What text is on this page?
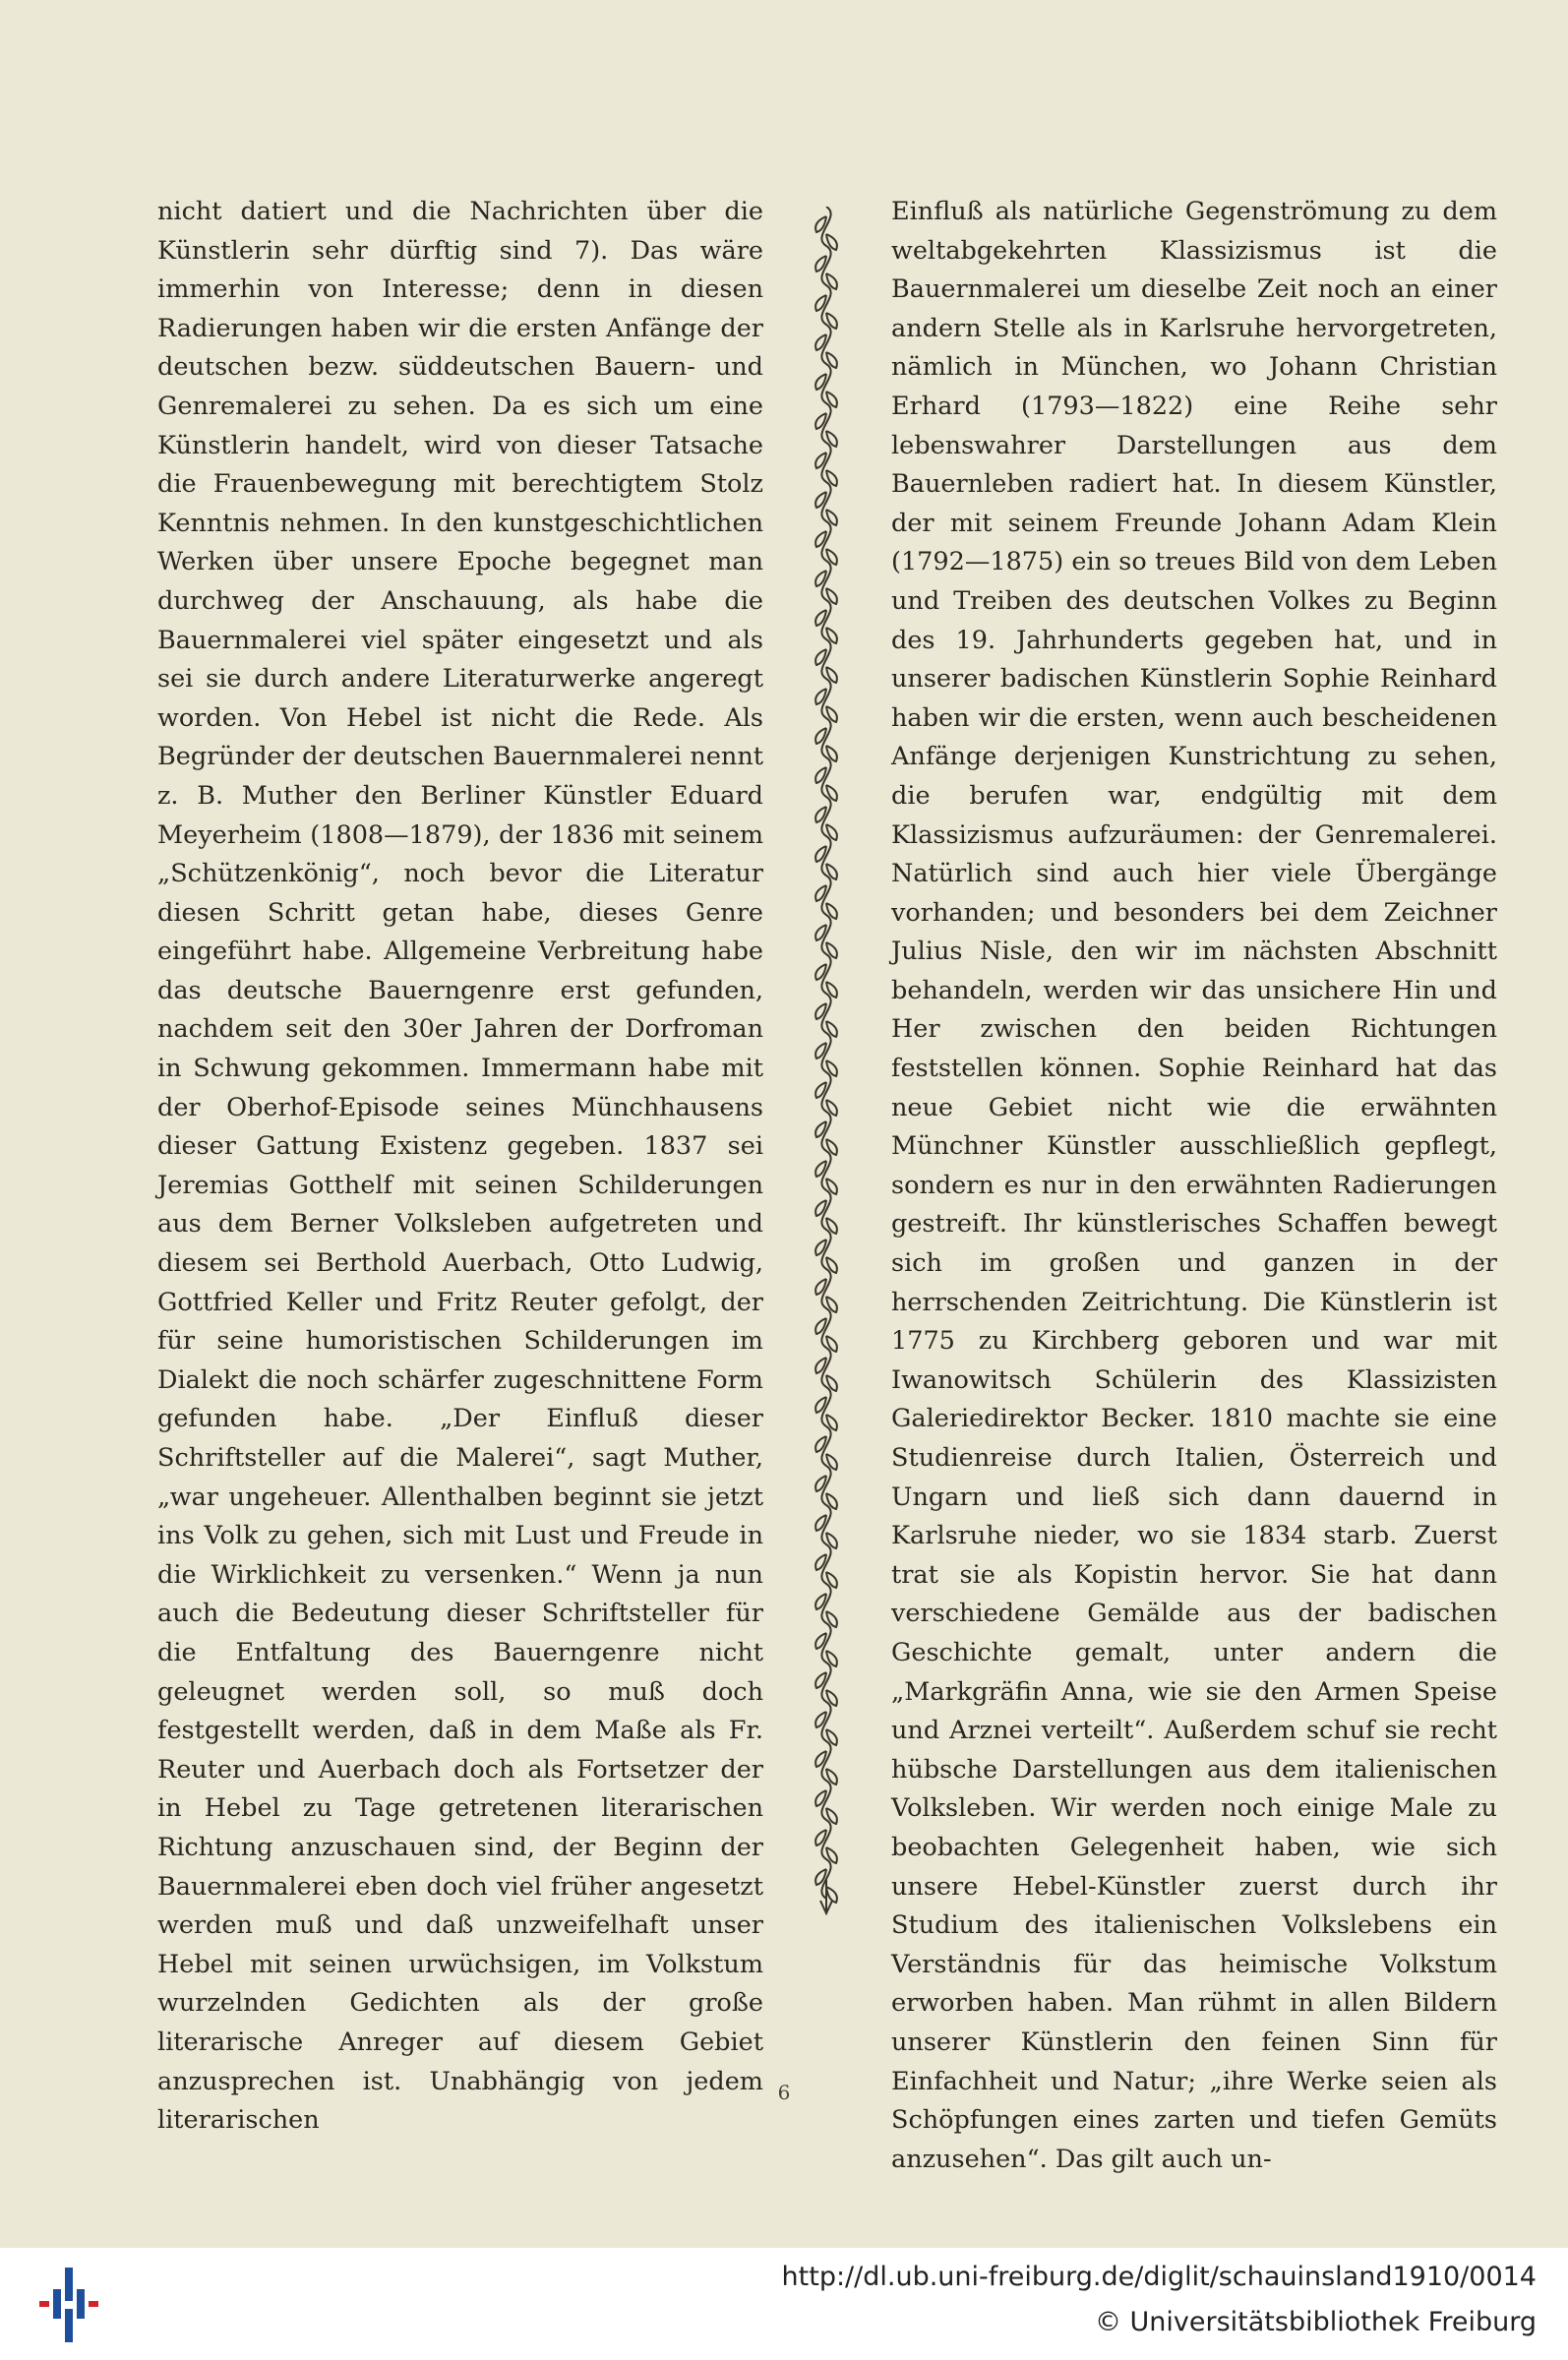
nicht datiert und die Nachrichten über die Künstlerin sehr dürftig sind 7). Das wäre immerhin von Interesse; denn in diesen Radierungen haben wir die ersten Anfänge der deutschen bezw. süddeutschen Bauern- und Genremalerei zu sehen. Da es sich um eine Künstlerin handelt, wird von dieser Tatsache die Frauenbewegung mit berechtigtem Stolz Kenntnis nehmen. In den kunstgeschichtlichen Werken über unsere Epoche begegnet man durchweg der Anschauung, als habe die Bauernmalerei viel später eingesetzt und als sei sie durch andere Literaturwerke angeregt worden. Von Hebel ist nicht die Rede. Als Begründer der deutschen Bauernmalerei nennt z. B. Muther den Berliner Künstler Eduard Meyerheim (1808—1879), der 1836 mit seinem „Schützenkönig“, noch bevor die Literatur diesen Schritt getan habe, dieses Genre eingeführt habe. Allgemeine Verbreitung habe das deutsche Bauerngenre erst gefunden, nachdem seit den 30er Jahren der Dorfroman in Schwung gekommen. Immermann habe mit der Oberhof-Episode seines Münchhausens dieser Gattung Existenz gegeben. 1837 sei Jeremias Gotthelf mit seinen Schilderungen aus dem Berner Volksleben aufgetreten und diesem sei Berthold Auerbach, Otto Ludwig, Gottfried Keller und Fritz Reuter gefolgt, der für seine humoristischen Schilderungen im Dialekt die noch schärfer zugeschnittene Form gefunden habe. „Der Einfluß dieser Schriftsteller auf die Malerei“, sagt Muther, „war ungeheuer. Allenthalben beginnt sie jetzt ins Volk zu gehen, sich mit Lust und Freude in die Wirklichkeit zu versenken.“ Wenn ja nun auch die Bedeutung dieser Schriftsteller für die Entfaltung des Bauerngenre nicht geleugnet werden soll, so muß doch festgestellt werden, daß in dem Maße als Fr. Reuter und Auerbach doch als Fortsetzer der in Hebel zu Tage getretenen literarischen Richtung anzuschauen sind, der Beginn der Bauernmalerei eben doch viel früher angesetzt werden muß und daß unzweifelhaft unser Hebel mit seinen urwüchsigen, im Volkstum wurzelnden Gedichten als der große literarische Anreger auf diesem Gebiet anzusprechen ist. Unabhängig von jedem literarischen

Einfluß als natürliche Gegenströmung zu dem weltabgekehrten Klassizismus ist die Bauernmalerei um dieselbe Zeit noch an einer andern Stelle als in Karlsruhe hervorgetreten, nämlich in München, wo Johann Christian Erhard (1793—1822) eine Reihe sehr lebenswahrer Darstellungen aus dem Bauernleben radiert hat. In diesem Künstler, der mit seinem Freunde Johann Adam Klein (1792—1875) ein so treues Bild von dem Leben und Treiben des deutschen Volkes zu Beginn des 19. Jahrhunderts gegeben hat, und in unserer badischen Künstlerin Sophie Reinhard haben wir die ersten, wenn auch bescheidenen Anfänge derjenigen Kunstrichtung zu sehen, die berufen war, endgültig mit dem Klassizismus aufzuräumen: der Genremalerei. Natürlich sind auch hier viele Übergänge vorhanden; und besonders bei dem Zeichner Julius Nisle, den wir im nächsten Abschnitt behandeln, werden wir das unsichere Hin und Her zwischen den beiden Richtungen feststellen können. Sophie Reinhard hat das neue Gebiet nicht wie die erwähnten Münchner Künstler ausschließlich gepflegt, sondern es nur in den erwähnten Radierungen gestreift. Ihr künstlerisches Schaffen bewegt sich im großen und ganzen in der herrschenden Zeitrichtung. Die Künstlerin ist 1775 zu Kirchberg geboren und war mit Iwanowitsch Schülerin des Klassizisten Galeriedirektor Becker. 1810 machte sie eine Studienreise durch Italien, Österreich und Ungarn und ließ sich dann dauernd in Karlsruhe nieder, wo sie 1834 starb. Zuerst trat sie als Kopistin hervor. Sie hat dann verschiedene Gemälde aus der badischen Geschichte gemalt, unter andern die „Markgräfin Anna, wie sie den Armen Speise und Arznei verteilt“. Außerdem schuf sie recht hübsche Darstellungen aus dem italienischen Volksleben. Wir werden noch einige Male zu beobachten Gelegenheit haben, wie sich unsere Hebel-Künstler zuerst durch ihr Studium des italienischen Volkslebens ein Verständnis für das heimische Volkstum erworben haben. Man rühmt in allen Bildern unserer Künstlerin den feinen Sinn für Einfachheit und Natur; „ihre Werke seien als Schöpfungen eines zarten und tiefen Gemüts anzusehen“. Das gilt auch un-

6
http://dl.ub.uni-freiburg.de/diglit/schauinsland1910/0014
© Universitätsbibliothek Freiburg
